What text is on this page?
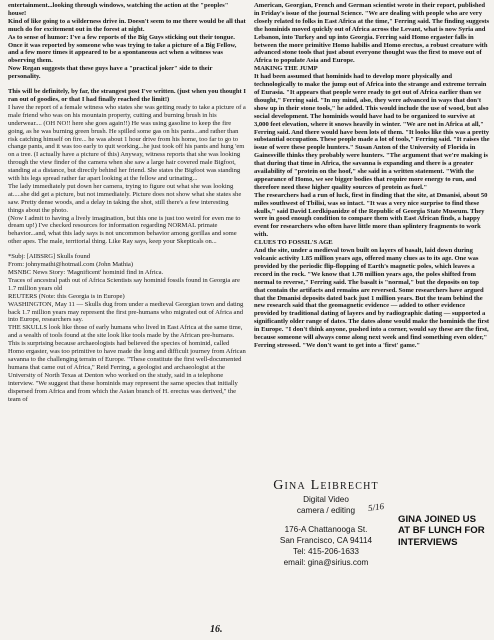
entertainment...looking through windows, watching the action at the "peoples" house!

Kind of like going to a wilderness drive in. Doesn't seem to me there would be all that much do for excitement out in the forest at night.

As to sense of humor: I've a few reports of the Big Guys sticking out their tongue. Once it was reported by someone who was trying to take a picture of a Big Fellow, and a few more times it appeared to be a spontaneous act when a witness was observing them.

Now Regan suggests that these guys have a "practical joker" side to their personality.

This will be definitely, by far, the strangest post I've written. (just when you thought I ran out of goodies, or that I had finally reached the limit!)

I have the report of a female witness who states she was getting ready to take a picture of a male friend who was on his mountain property, cutting and burning brush in his underwear.... (OH NO!! here she goes again!!) He was using gasoline to keep the fire going, as he was burning green brush. He spilled some gas on his pants...and rather than risk catching himself on fire... he was about 1 hour drive from his home, too far to go to change pants, and it was too early to quit working...he just took off his pants and hung 'em on a tree. (I actually have a picture of this) Anyway, witness reports that she was looking through the view finder of the camera when she saw a large hair covered male Bigfoot, standing at a distance, but directly behind her friend. She states the Bigfoot was standing with his legs spread rather far apart looking at the fellow and urinating...

The lady immediately put down her camera, trying to figure out what she was looking at.....she did get a picture, but not immediately. Picture does not show what she states she saw. Pretty dense woods, and a delay in taking the shot, still there's a few interesting things about the photo.

(Now I admit to having a lively imagination, but this one is just too weird for even me to dream up!) I've checked resources for information regarding NORMAL primate behavior...and, what this lady says is not uncommon behavior among gorillas and some other apes. The male, territorial thing. Like Ray says, keep your Skepticals on...

*Subj: [AIBSRG] Skulls found
From: johnymathi@hotmail.com (John Mathia)
MSNBC News Story: 'Magnificent' hominid find in Africa.
Traces of ancestral path out of Africa Scientists say hominid fossils found in Georgia are 1.7 million years old
REUTERS (Note: this Georgia is in Europe)
WASHINGTON, May 11 — Skulls dug from under a medieval Georgian town and dating back 1.7 million years may represent the first pre-humans who migrated out of Africa and into Europe, researchers say.

THE SKULLS look like those of early humans who lived in East Africa at the same time, and a wealth of tools found at the site look like tools made by the African pre-humans. This is surprising because archaeologists had believed the species of hominid, called Homo ergaster, was too primitive to have made the long and difficult journey from African savanna to the challenging terrain of Europe. "These constitute the first well-documented humans that came out of Africa," Reid Ferring, a geologist and archaeologist at the University of North Texas at Denton who worked on the study, said in a telephone interview. "We suggest that these hominids may represent the same species that initially dispersed from Africa and from which the Asian branch of H. erectus was derived," the team of

American, Georgian, French and German scientist wrote in their report, published in Friday's issue of the journal Science. "We are dealing with people who are very closely related to folks in East Africa at the time," Ferring said. The finding suggests the hominids moved quickly out of Africa across the Levant, what is now Syria and Lebanon, into Turkey and up into Georgia. Ferring said Homo ergaster falls in between the more primitive Homo habilis and Homo erectus, a robust creature with advanced stone tools that just about everyone thought was the first to move out of Africa to populate Asia and Europe.

MAKING THE JUMP

It had been assumed that hominids had to develop more physically and technologically to make the jump out of Africa into the strange and extreme terrain of Eurasia. "It appears that people were ready to get out of Africa earlier than we thought," Ferring said. "In my mind, also, they were advanced in ways that don't show up in their stone tools," he added. This would include the use of wood, but also social development. The hominids would have had to be organized to survive at 3,000 feet elevation, where it snows heavily in winter. "We are not in Africa at all," Ferring said. And there would have been lots of them. "It looks like this was a pretty substantial occupation. These people made a lot of tools," Ferring said. "It raises the issue of were these people hunters." Susan Anton of the University of Florida in Gainesville thinks they probably were hunters. "The argument that we're making is that during that time in Africa, the savanna is expanding and there is a greater availability of "protein on the hoof," she said in a written statement. "With the appearance of Homo, we see bigger bodies that require more energy to run, and therefore need these higher quality sources of protein as fuel."

The researchers had a run of luck, first in finding that the site, at Dmanisi, about 50 miles southwest of Tbilisi, was so intact. "It was a very nice surprise to find these skulls," said David Lordkipanidze of the Republic of Georgia State Museum. They were in good enough condition to compare them with East African finds, a happy event for researchers who often have little more than splintery fragments to work with.

CLUES TO FOSSIL'S AGE

And the site, under a medieval town built on layers of basalt, laid down during volcanic activity 1.85 million years ago, offered many clues as to its age. One was provided by the periodic flip-flopping of Earth's magnetic poles, which leaves a record in the rock. "We know that 1.78 million years ago, the poles shifted from normal to reverse," Ferring said. The basalt is "normal," but the deposits on top that contain the artifacts and remains are reversed. Some researchers have argued that the Dmanisi deposits dated back just 1 million years. But the team behind the new research said that the geomagnetic evidence — added to other evidence provided by traditional dating of layers and by radiographic dating — supported a significantly older range of dates. The dates alone would make the hominids the first in Europe. "I don't think anyone, pushed into a corner, would say these are the first, because someone will always come along next week and find something even older," Ferring stressed. "We don't want to get into a 'first' game."

Gina Leibrecht
Digital Video
camera / editing
176-A Chattanooga St.
San Francisco, CA 94114
Tel: 415-206-1633
email: gina@sirius.com
5/16
GINA JOINED US AT BF LUNCH FOR INTERVIEWS
16.
